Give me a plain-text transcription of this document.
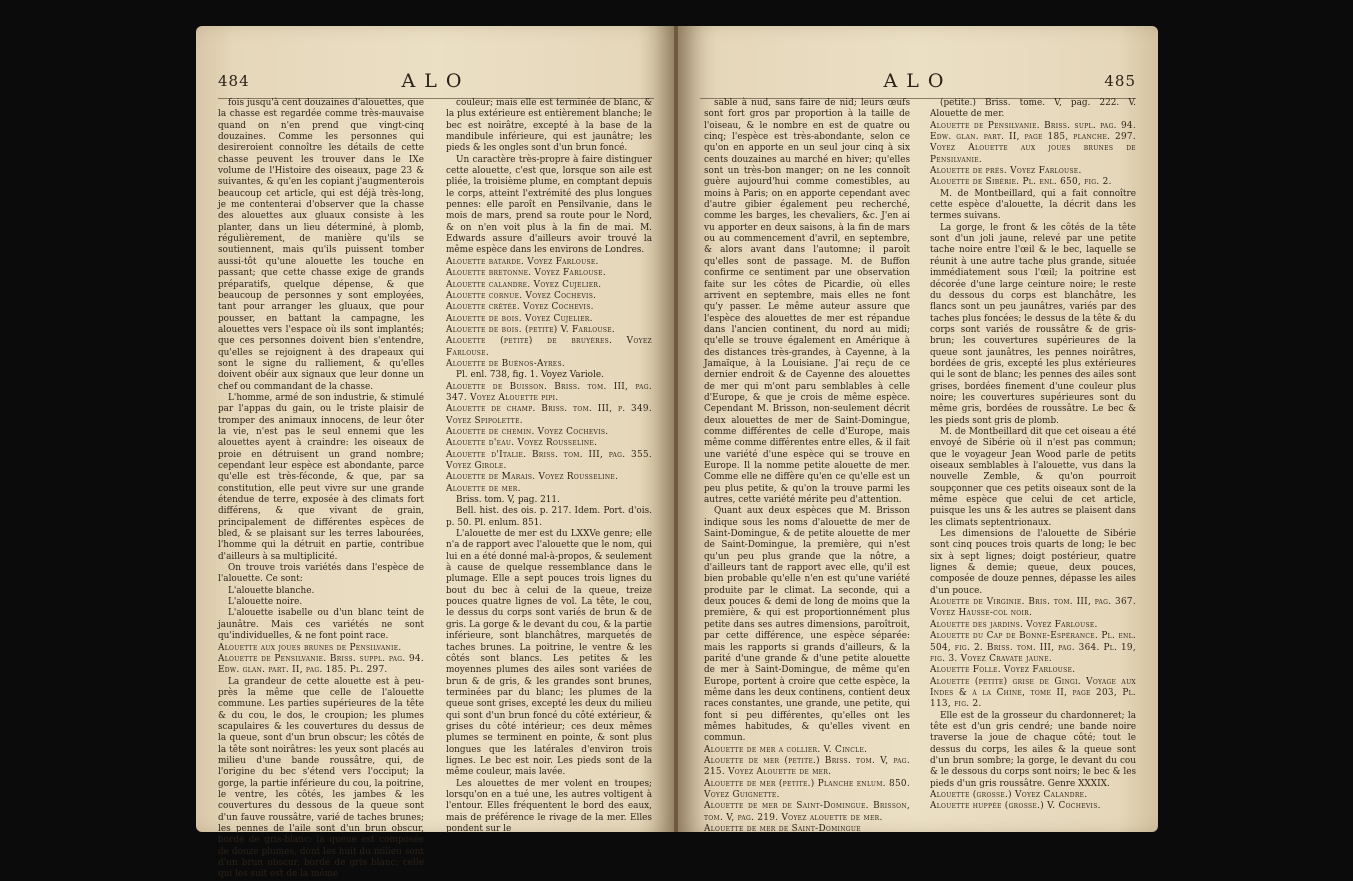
484	ALO

fois jusqu'à cent douzaines d'alouettes, que la chasse est regardée comme très-mauvaise quand on n'en prend que vingt-cinq douzaines. Comme les personnes qui desireroient connoître les détails de cette chasse peuvent les trouver dans le IXe volume de l'Histoire des oiseaux, page 23 & suivantes, & qu'en les copiant j'augmenterois beaucoup cet article, qui est déjà très-long, je me contenterai d'observer que la chasse des alouettes aux gluaux consiste à les planter, dans un lieu déterminé, à plomb, régulièrement, de manière qu'ils se soutiennent, mais qu'ils puissent tomber aussi-tôt qu'une alouette les touche en passant; que cette chasse exige de grands préparatifs, quelque dépense, & que beaucoup de personnes y sont employées, tant pour arranger les gluaux, que pour pousser, en battant la campagne, les alouettes vers l'espace où ils sont implantés; que ces personnes doivent bien s'entendre, qu'elles se rejoignent à des drapeaux qui sont le signe du ralliement, & qu'elles doivent obéir aux signaux que leur donne un chef ou commandant de la chasse.

L'homme, armé de son industrie, & stimulé par l'appas du gain, ou le triste plaisir de tromper des animaux innocens, de leur ôter la vie, n'est pas le seul ennemi que les alouettes ayent à craindre: les oiseaux de proie en détruisent un grand nombre; cependant leur espèce est abondante, parce qu'elle est très-féconde, & que, par sa constitution, elle peut vivre sur une grande étendue de terre, exposée à des climats fort différens, & que vivant de grain, principalement de différentes espèces de bled, & se plaisant sur les terres labourées, l'homme qui la détruit en partie, contribue d'ailleurs à sa multiplicité.

On trouve trois variétés dans l'espèce de l'alouette. Ce sont:

L'alouette blanche.

L'alouette noire.

L'alouette isabelle ou d'un blanc teint de jaunâtre. Mais ces variétés ne sont qu'individuelles, & ne font point race.

Alouette aux joues brunes de Pensilvanie.

Alouette de Pensilvanie. Briss. suppl. pag. 94. Edw. glan. part. II, pag. 185. Pl. 297.

La grandeur de cette alouette est à peu-près la même que celle de l'alouette commune. Les parties supérieures de la tête & du cou, le dos, le croupion; les plumes scapulaires & les couvertures du dessus de la queue, sont d'un brun obscur; les côtés de la tête sont noirâtres: les yeux sont placés au milieu d'une bande roussâtre, qui, de l'origine du bec s'étend vers l'occiput; la gorge, la partie inférieure du cou, la poitrine, le ventre, les côtés, les jambes & les couvertures du dessous de la queue sont d'un fauve roussâtre, varié de taches brunes; les pennes de l'aile sont d'un brun obscur, bordé de gris-blanc; la queue est composée de douze plumes, dont les huit du milieu sont d'un brun obscur, bordé de gris blanc; celle qui les suit est de la même

couleur; mais elle est terminée de blanc, & la plus extérieure est entièrement blanche; le bec est noirâtre, excepté à la base de la mandibule inférieure, qui est jaunâtre; les pieds & les ongles sont d'un brun foncé.

Un caractère très-propre à faire distinguer cette alouette, c'est que, lorsque son aile est pliée, la troisième plume, en comptant depuis le corps, atteint l'extrémité des plus longues pennes: elle paroît en Pensilvanie, dans le mois de mars, prend sa route pour le Nord, & on n'en voit plus à la fin de mai. M. Edwards assure d'ailleurs avoir trouvé la même espèce dans les environs de Londres.

Alouette batarde. Voyez Farlouse.

Alouette bretonne. Voyez Farlouse.

Alouette calandre. Voyez Cujelier.

Alouette cornue. Voyez Cochevis.

Alouette crêtée. Voyez Cochevis.

Alouette de bois. Voyez Cujelier.

Alouette de bois. (petite) V. Farlouse.

Alouette (petite) de bruyères. Voyez Farlouse.

Alouette de Buénos-Ayres.

Pl. enl. 738, fig. 1. Voyez Variole.

Alouette de Buisson. Briss. tom. III, pag. 347. Voyez Alouette pipi.

Alouette de champ. Briss. tom. III, p. 349. Voyez Spipolette.

Alouette de chemin. Voyez Cochevis.

Alouette d'eau. Voyez Rousseline.

Alouette d'Italie. Briss. tom. III, pag. 355. Voyez Girole.

Alouette de Marais. Voyez Rousseline.

Alouette de mer.

Briss. tom. V, pag. 211.

Bell. hist. des ois. p. 217. Idem. Port. d'ois. p. 50. Pl. enlum. 851.

L'alouette de mer est du LXXVe genre; elle n'a de rapport avec l'alouette que le nom, qui lui en a été donné mal-à-propos, & seulement à cause de quelque ressemblance dans le plumage. Elle a sept pouces trois lignes du bout du bec à celui de la queue, treize pouces quatre lignes de vol. La tête, le cou, le dessus du corps sont variés de brun & de gris. La gorge & le devant du cou, & la partie inférieure, sont blanchâtres, marquetés de taches brunes. La poitrine, le ventre & les côtés sont blancs. Les petites & les moyennes plumes des ailes sont variées de brun & de gris, & les grandes sont brunes, terminées par du blanc; les plumes de la queue sont grises, excepté les deux du milieu qui sont d'un brun foncé du côté extérieur, & grises du côté intérieur; ces deux mêmes plumes se terminent en pointe, & sont plus longues que les latérales d'environ trois lignes. Le bec est noir. Les pieds sont de la même couleur, mais lavée.

Les alouettes de mer volent en troupes; lorsqu'on en a tué une, les autres voltigent à l'entour. Elles fréquentent le bord des eaux, mais de préférence le rivage de la mer. Elles pondent sur le

485
ALO

sable à nud, sans faire de nid; leurs œufs sont fort gros par proportion à la taille de l'oiseau, & le nombre en est de quatre ou cinq; l'espèce est très-abondante, selon ce qu'on en apporte en un seul jour cinq à six cents douzaines au marché en hiver; qu'elles sont un très-bon manger; on ne les connoît guère aujourd'hui comme comestibles, au moins à Paris; on en apporte cependant avec d'autre gibier également peu recherché, comme les barges, les chevaliers, &c. J'en ai vu apporter en deux saisons, à la fin de mars ou au commencement d'avril, en septembre, & alors avant dans l'automne; il paroît qu'elles sont de passage. M. de Buffon confirme ce sentiment par une observation faite sur les côtes de Picardie, où elles arrivent en septembre, mais elles ne font qu'y passer. Le même auteur assure que l'espèce des alouettes de mer est répandue dans l'ancien continent, du nord au midi; qu'elle se trouve également en Amérique à des distances très-grandes, à Cayenne, à la Jamaïque, à la Louisiane. J'ai reçu de ce dernier endroit & de Cayenne des alouettes de mer qui m'ont paru semblables à celle d'Europe, & que je crois de même espèce. Cependant M. Brisson, non-seulement décrit deux alouettes de mer de Saint-Domingue, comme différentes de celle d'Europe, mais même comme différentes entre elles, & il fait une variété d'une espèce qui se trouve en Europe. Il la nomme petite alouette de mer. Comme elle ne diffère qu'en ce qu'elle est un peu plus petite, & qu'on la trouve parmi les autres, cette variété mérite peu d'attention.

Quant aux deux espèces que M. Brisson indique sous les noms d'alouette de mer de Saint-Domingue, & de petite alouette de mer de Saint-Domingue, la première, qui n'est qu'un peu plus grande que la nôtre, a d'ailleurs tant de rapport avec elle, qu'il est bien probable qu'elle n'en est qu'une variété produite par le climat. La seconde, qui a deux pouces & demi de long de moins que la première, & qui est proportionnément plus petite dans ses autres dimensions, paroîtroit, par cette différence, une espèce séparée: mais les rapports si grands d'ailleurs, & la parité d'une grande & d'une petite alouette de mer à Saint-Domingue, de même qu'en Europe, portent à croire que cette espèce, la même dans les deux continens, contient deux races constantes, une grande, une petite, qui font si peu différentes, qu'elles ont les mêmes habitudes, & qu'elles vivent en commun.

Alouette de mer a collier. V. Cincle.

Alouette de mer (petite.) Briss. tom. V, pag. 215. Voyez Alouette de mer.

Alouette de mer (petite.) Planche enlum. 850. Voyez Guignette.

Alouette de mer de Saint-Domingue. Brisson, tom. V, pag. 219. Voyez alouette de mer.

Alouette de mer de Saint-Domingue

(petite.) Briss. tome. V, pag. 222. V. Alouette de mer.

Alouette de Pensilvanie. Briss. supl. pag. 94. Edw. glan. part. II, page 185, planche. 297. Voyez Alouette aux joues brunes de Pensilvanie.

Alouette de prés. Voyez Farlouse.

Alouette de Sibérie. Pl. enl. 650, fig. 2.

M. de Montbeillard, qui a fait connoître cette espèce d'alouette, la décrit dans les termes suivans.

La gorge, le front & les côtés de la tête sont d'un joli jaune, relevé par une petite tache noire entre l'œil & le bec, laquelle se réunit à une autre tache plus grande, située immédiatement sous l'œil; la poitrine est décorée d'une large ceinture noire; le reste du dessous du corps est blanchâtre, les flancs sont un peu jaunâtres, variés par des taches plus foncées; le dessus de la tête & du corps sont variés de roussâtre & de gris-brun; les couvertures supérieures de la queue sont jaunâtres, les pennes noirâtres, bordées de gris, excepté les plus extérieures qui le sont de blanc; les pennes des ailes sont grises, bordées finement d'une couleur plus noire; les couvertures supérieures sont du même gris, bordées de roussâtre. Le bec & les pieds sont gris de plomb.

M. de Montbeillard dit que cet oiseau a été envoyé de Sibérie où il n'est pas commun; que le voyageur Jean Wood parle de petits oiseaux semblables à l'alouette, vus dans la nouvelle Zemble, & qu'on pourroit soupçonner que ces petits oiseaux sont de la même espèce que celui de cet article, puisque les uns & les autres se plaisent dans les climats septentrionaux.

Les dimensions de l'alouette de Sibérie sont cinq pouces trois quarts de long; le bec six à sept lignes; doigt postérieur, quatre lignes & demie; queue, deux pouces, composée de douze pennes, dépasse les ailes d'un pouce.

Alouette de Virginie. Bris. tom. III, pag. 367. Voyez Hausse-col noir.

Alouette des jardins. Voyez Farlouse.

Alouette du Cap de Bonne-Espérance. Pl. enl. 504, fig. 2. Briss. tom. III, pag. 364. Pl. 19, fig. 3. Voyez Cravate jaune.

Alouette Folle. Voyez Farlouse.

Alouette (petite) grise de Gingi. Voyage aux Indes & à la Chine, tome II, page 203, Pl. 113, fig. 2.

Elle est de la grosseur du chardonneret; la tête est d'un gris cendré; une bande noire traverse la joue de chaque côté; tout le dessus du corps, les ailes & la queue sont d'un brun sombre; la gorge, le devant du cou & le dessous du corps sont noirs; le bec & les pieds d'un gris roussâtre. Genre XXXIX.

Alouette (grosse.) Voyez Calandre.

Alouette huppée (grosse.) V. Cochevis.
